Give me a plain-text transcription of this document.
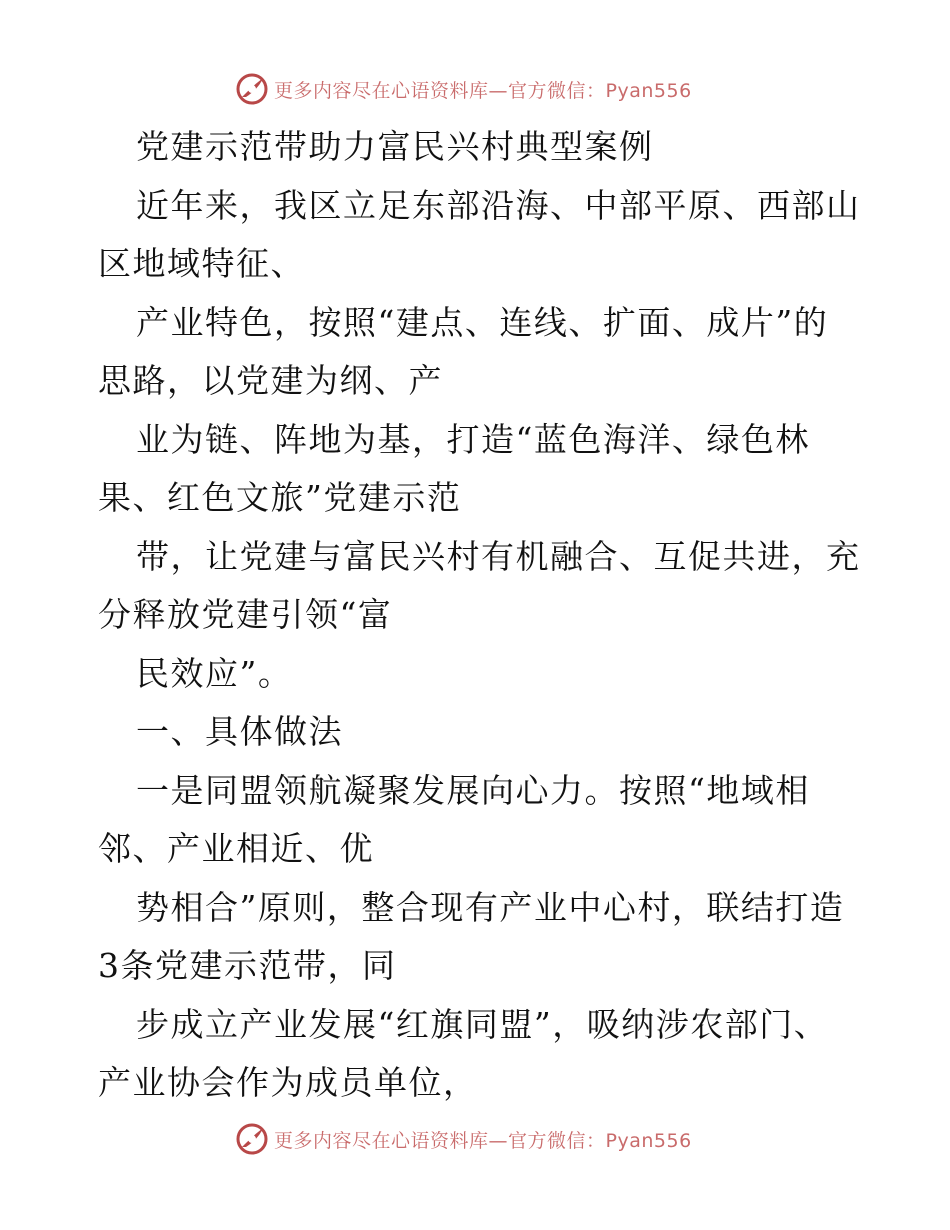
更多内容尽在心语资料库—官方微信：Pyan556
党建示范带助力富民兴村典型案例
近年来，我区立足东部沿海、中部平原、西部山
区地域特征、
产业特色，按照“建点、连线、扩面、成片”的
思路，以党建为纲、产
业为链、阵地为基，打造“蓝色海洋、绿色林
果、红色文旅”党建示范
带，让党建与富民兴村有机融合、互促共进，充
分释放党建引领“富
民效应”。
一、具体做法
一是同盟领航凝聚发展向心力。按照“地域相
邻、产业相近、优
势相合”原则，整合现有产业中心村，联结打造
3条党建示范带，同
步成立产业发展“红旗同盟”，吸纳涉农部门、
产业协会作为成员单位，
更多内容尽在心语资料库—官方微信：Pyan556
